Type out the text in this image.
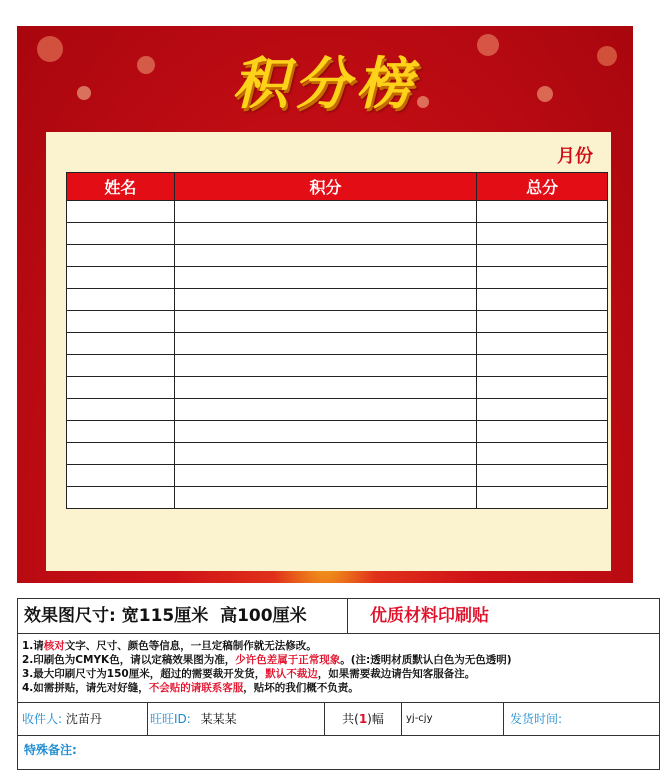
积分榜
月份
姓名	积分	总分

效果图尺寸: 宽115厘米 高100厘米	优质材料印刷贴
1.请核对文字、尺寸、颜色等信息，一旦定稿制作就无法修改。
2.印刷色为CMYK色，请以定稿效果图为准，少许色差属于正常现象。(注:透明材质默认白色为无色透明)
3.最大印刷尺寸为150厘米，超过的需要裁开发货，默认不裁边，如果需要裁边请告知客服备注。
4.如需拼贴，请先对好缝，不会贴的请联系客服，贴坏的我们概不负责。
收件人: 沈苗丹	旺旺ID: 某某某	共(1)幅	yj-cjy	发货时间:
特殊备注:
